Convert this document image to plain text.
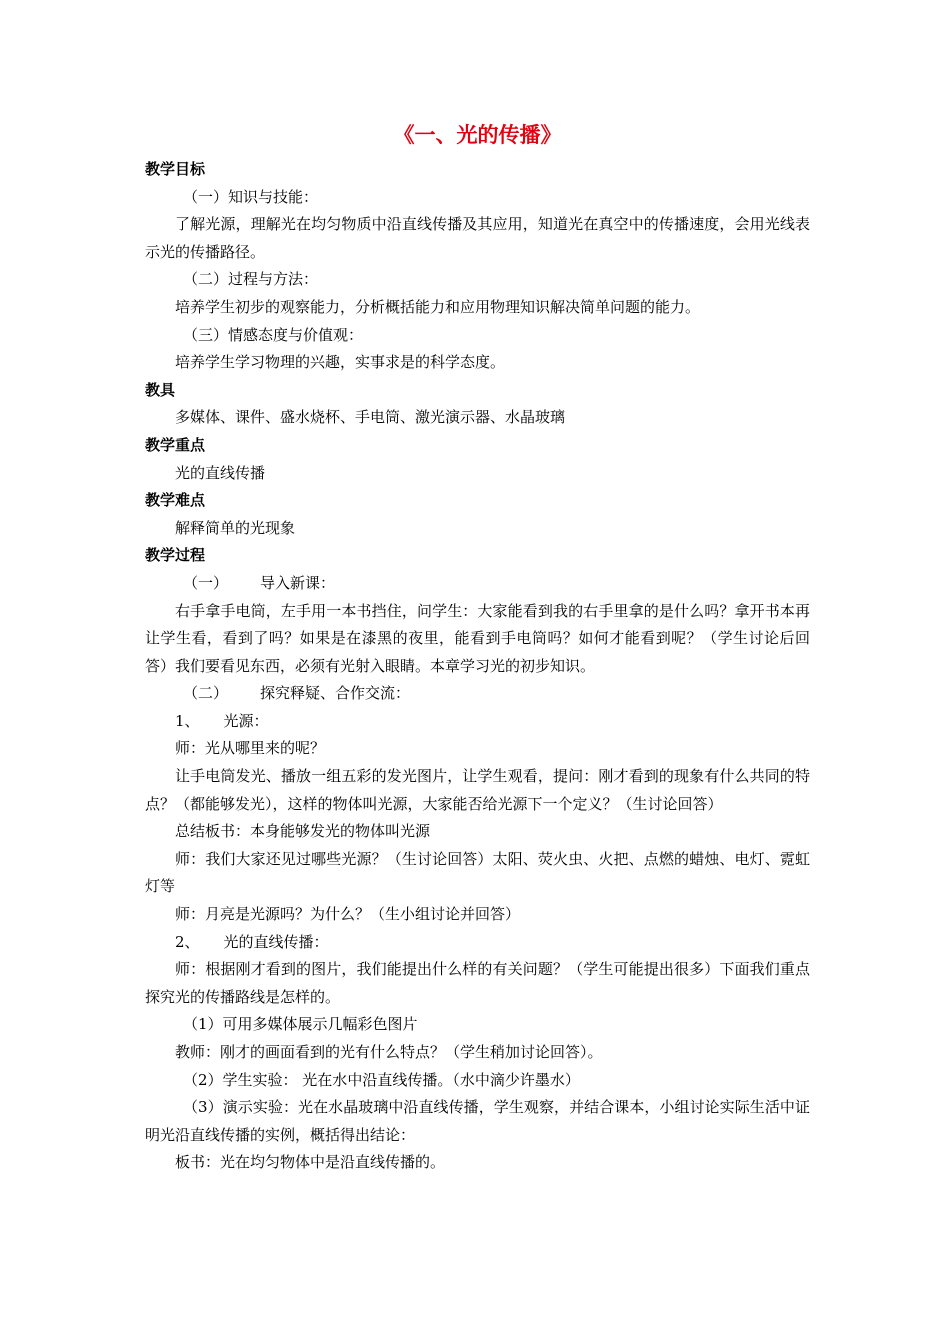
《一、光的传播》
教学目标
（一）知识与技能：
了解光源，理解光在均匀物质中沿直线传播及其应用，知道光在真空中的传播速度，会用光线表示光的传播路径。
（二）过程与方法：
培养学生初步的观察能力，分析概括能力和应用物理知识解决简单问题的能力。
（三）情感态度与价值观：
培养学生学习物理的兴趣，实事求是的科学态度。
教具
多媒体、课件、盛水烧杯、手电筒、激光演示器、水晶玻璃
教学重点
光的直线传播
教学难点
解释简单的光现象
教学过程
（一） 导入新课：
右手拿手电筒，左手用一本书挡住，问学生：大家能看到我的右手里拿的是什么吗？拿开书本再让学生看，看到了吗？如果是在漆黑的夜里，能看到手电筒吗？如何才能看到呢？（学生讨论后回答）我们要看见东西，必须有光射入眼睛。本章学习光的初步知识。
（二） 探究释疑、合作交流：
1、 光源：
师：光从哪里来的呢？
让手电筒发光、播放一组五彩的发光图片，让学生观看，提问：刚才看到的现象有什么共同的特点？（都能够发光），这样的物体叫光源，大家能否给光源下一个定义？（生讨论回答）
总结板书：本身能够发光的物体叫光源
师：我们大家还见过哪些光源？（生讨论回答）太阳、荧火虫、火把、点燃的蜡烛、电灯、霓虹灯等
师：月亮是光源吗？为什么？（生小组讨论并回答）
2、 光的直线传播：
师：根据刚才看到的图片，我们能提出什么样的有关问题？（学生可能提出很多）下面我们重点探究光的传播路线是怎样的。
（1）可用多媒体展示几幅彩色图片
教师：刚才的画面看到的光有什么特点？（学生稍加讨论回答）。
（2）学生实验： 光在水中沿直线传播。（水中滴少许墨水）
（3）演示实验：光在水晶玻璃中沿直线传播，学生观察，并结合课本，小组讨论实际生活中证明光沿直线传播的实例，概括得出结论：
板书：光在均匀物体中是沿直线传播的。
